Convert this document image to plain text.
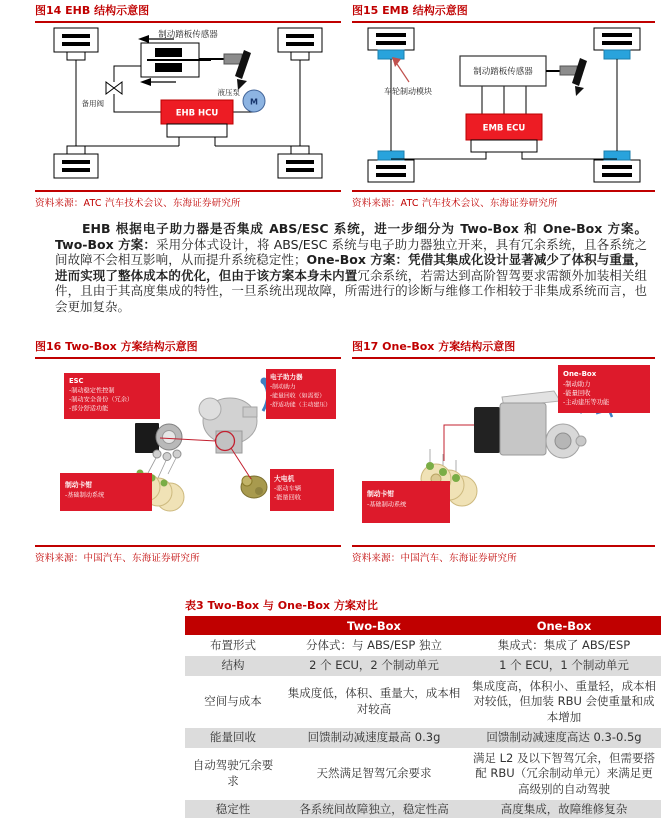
图14 EHB 结构示意图
制动踏板传感器
备用阀
EHB HCU
M
液压泵
资料来源：ATC 汽车技术会议、东海证券研究所
图15 EMB 结构示意图
车轮制动模块
制动踏板传感器
EMB ECU
资料来源：ATC 汽车技术会议、东海证券研究所

EHB 根据电子助力器是否集成 ABS/ESC 系统，进一步细分为 Two-Box 和 One-Box 方案。Two-Box 方案：采用分体式设计，将 ABS/ESC 系统与电子助力器独立开来，具有冗余系统，且各系统之间故障不会相互影响，从而提升系统稳定性；One-Box 方案：凭借其集成化设计显著减少了体积与重量，进而实现了整体成本的优化，但由于该方案本身未内置冗余系统，若需达到高阶智驾要求需额外加装相关组件，且由于其高度集成的特性，一旦系统出现故障，所需进行的诊断与维修工作相较于非集成系统而言，也会更加复杂。

图16 Two-Box 方案结构示意图
ESC
-制动稳定性控制
-制动安全备份（冗余）
-部分舒适功能
电子助力器
-制动助力
-能量回收（如需要）
-舒适功能（主动建压）
制动卡钳
-基础制动系统
大电机
-驱动车辆
-能量回收
资料来源：中国汽车、东海证券研究所
图17 One-Box 方案结构示意图
One-Box
-制动助力
-能量回收
-主动建压等功能
制动卡钳
-基础制动系统
资料来源：中国汽车、东海证券研究所
表3 Two-Box 与 One-Box 方案对比
	Two-Box	One-Box
布置形式	分体式：与 ABS/ESP 独立	集成式：集成了 ABS/ESP
结构	2 个 ECU，2 个制动单元	1 个 ECU，1 个制动单元
空间与成本	集成度低，体积、重量大，成本相对较高	集成度高，体积小、重量轻，成本相对较低，但加装 RBU 会使重量和成本增加
能量回收	回馈制动减速度最高 0.3g	回馈制动减速度高达 0.3-0.5g
自动驾驶冗余要求	天然满足智驾冗余要求	满足 L2 及以下智驾冗余，但需要搭配 RBU（冗余制动单元）来满足更高级别的自动驾驶
稳定性	各系统间故障独立，稳定性高	高度集成，故障维修复杂
